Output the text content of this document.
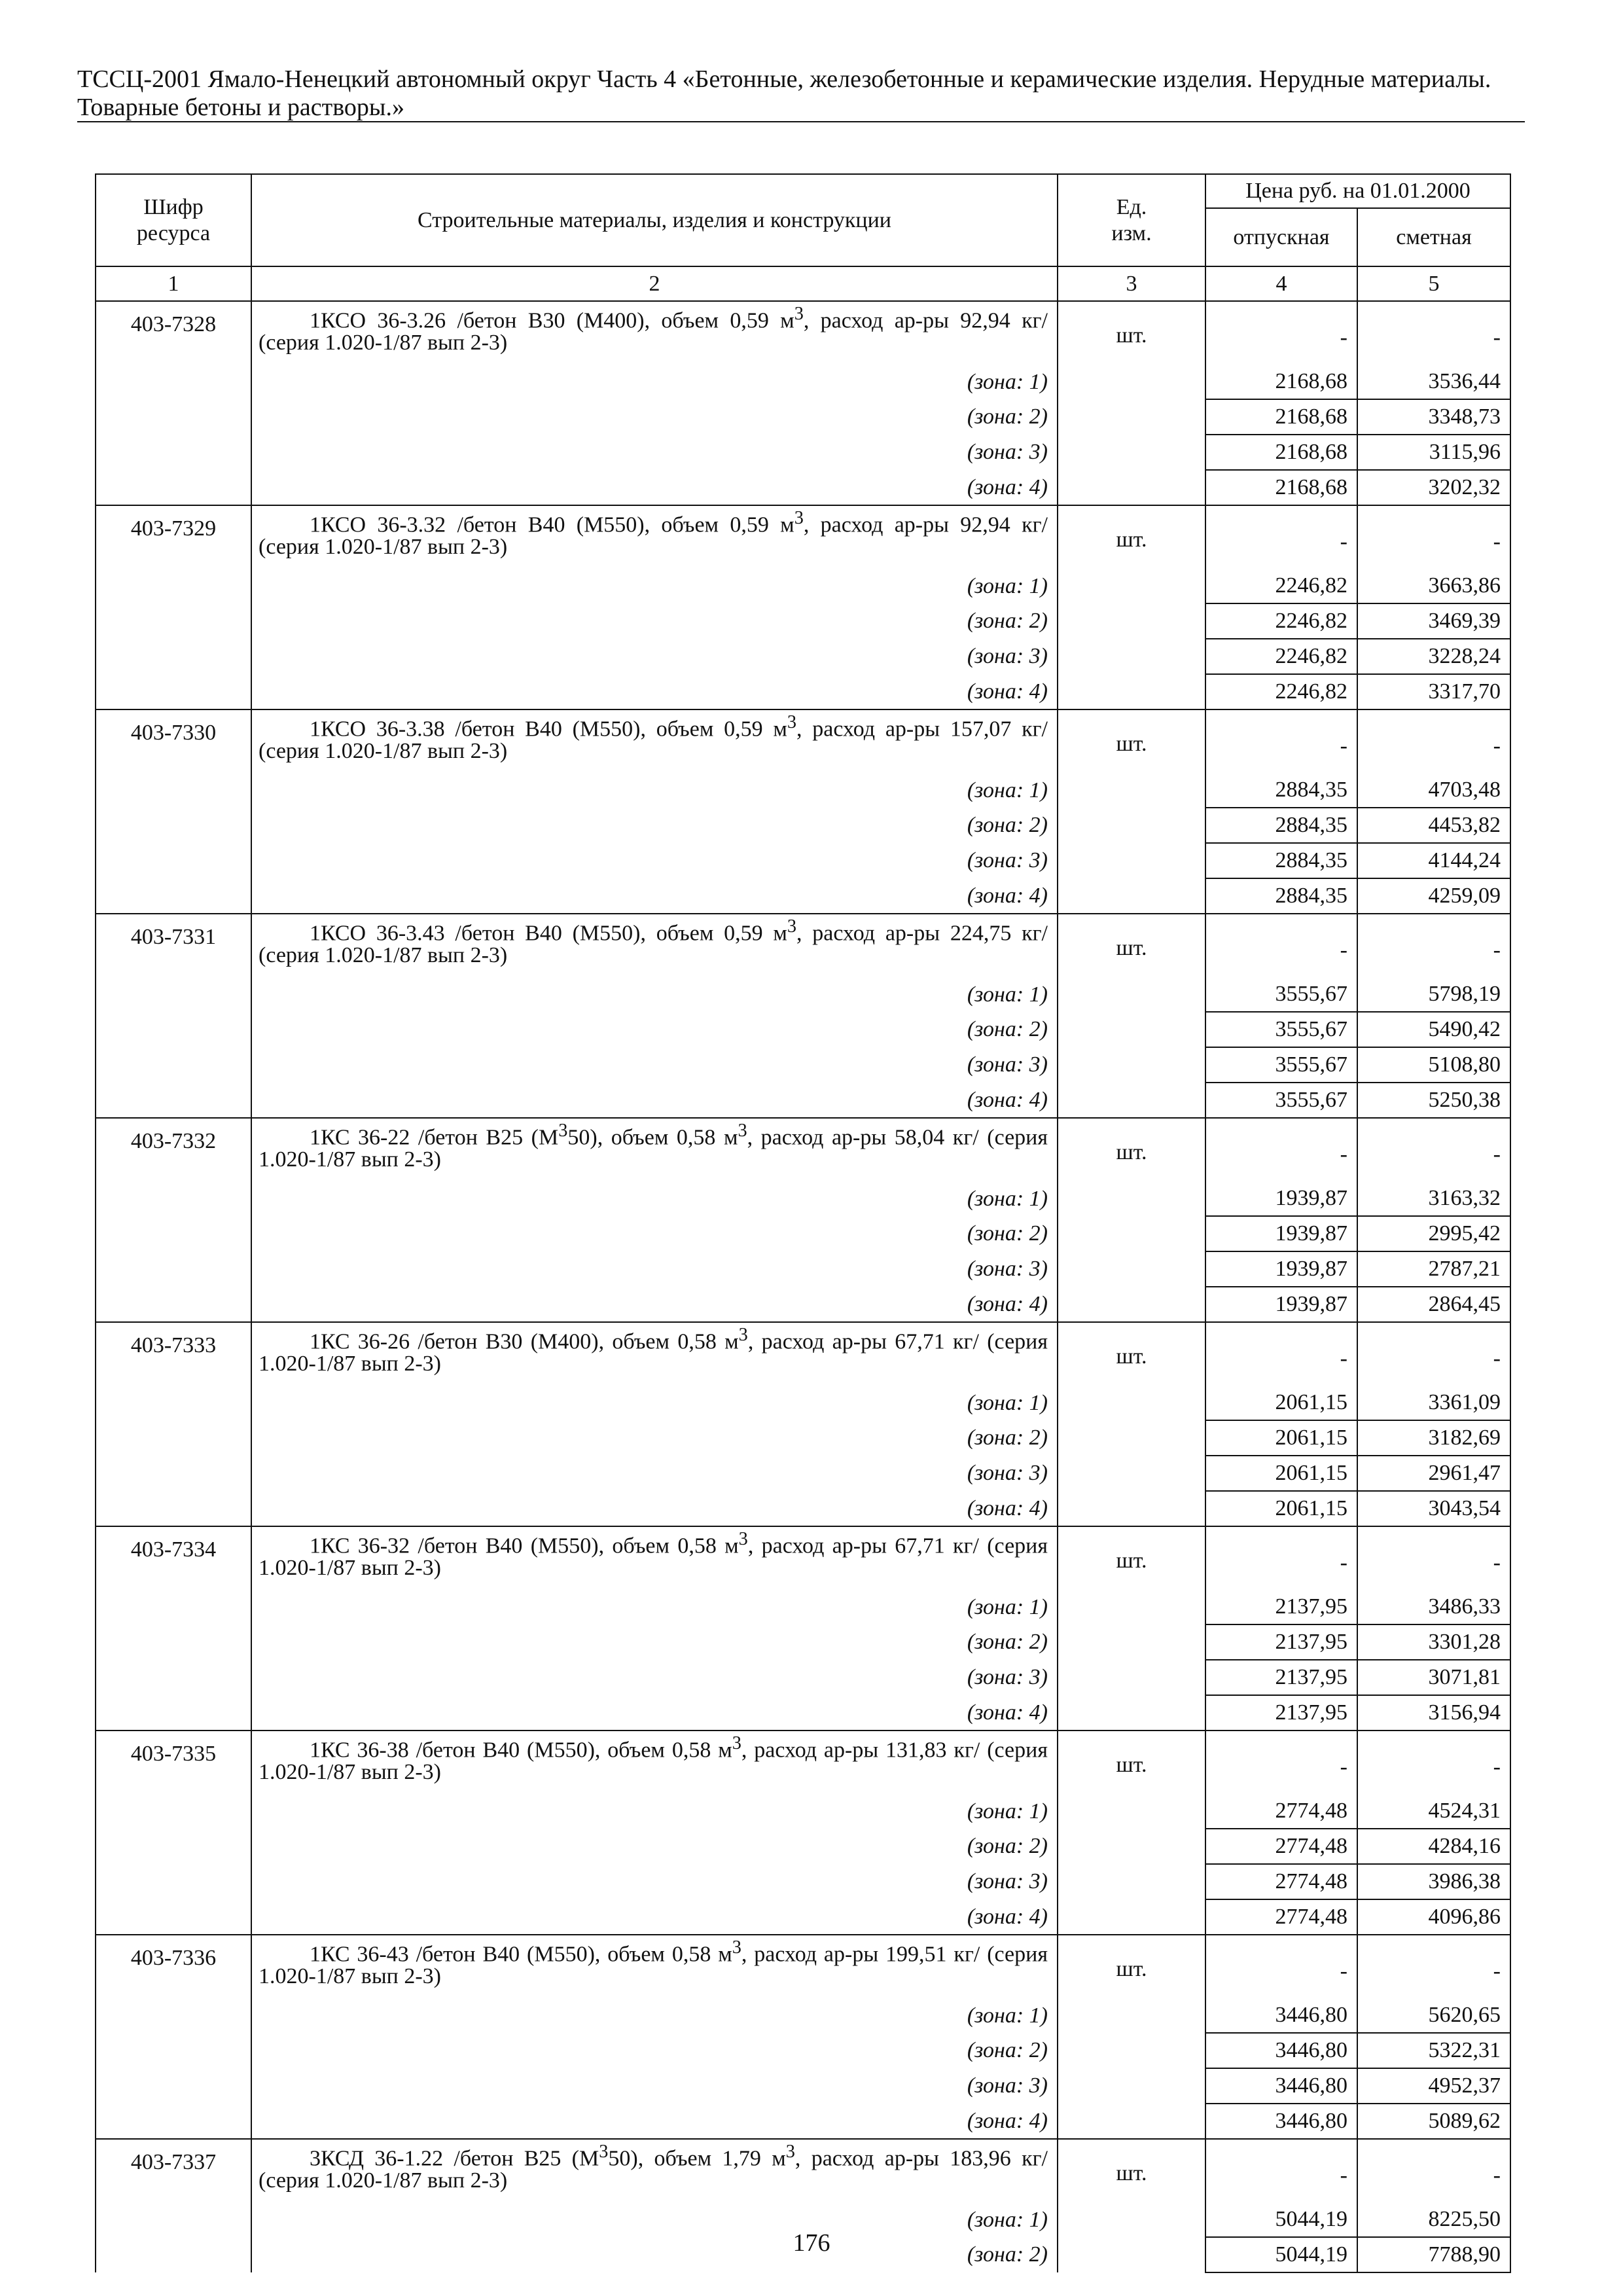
ТССЦ-2001 Ямало-Ненецкий автономный округ Часть 4 «Бетонные, железобетонные и керамические изделия. Нерудные материалы.
Товарные бетоны и растворы.»
Шифр ресурса	Строительные материалы, изделия и конструкции	Ед. изм.	Цена руб. на 01.01.2000	
			отпускная	сметная
1	2	3	4	5
403-7328	1КСО 36-3.26 /бетон В30 (М400), объем 0,59 $м^3$, расход ар-ры 92,94 кг/ (серия 1.020-1/87 вып 2-3)	шт.	-	-
	(зона: 1)		2168,68	3536,44
	(зона: 2)		2168,68	3348,73
	(зона: 3)		2168,68	3115,96
	(зона: 4)		2168,68	3202,32
403-7329	1КСО 36-3.32 /бетон В40 (М550), объем 0,59 $м^3$, расход ар-ры 92,94 кг/ (серия 1.020-1/87 вып 2-3)	шт.	-	-
	(зона: 1)		2246,82	3663,86
	(зона: 2)		2246,82	3469,39
	(зона: 3)		2246,82	3228,24
	(зона: 4)		2246,82	3317,70
403-7330	1КСО 36-3.38 /бетон В40 (М550), объем 0,59 $м^3$, расход ар-ры 157,07 кг/ (серия 1.020-1/87 вып 2-3)	шт.	-	-
	(зона: 1)		2884,35	4703,48
	(зона: 2)		2884,35	4453,82
	(зона: 3)		2884,35	4144,24
	(зона: 4)		2884,35	4259,09
403-7331	1КСО 36-3.43 /бетон В40 (М550), объем 0,59 $м^3$, расход ар-ры 224,75 кг/ (серия 1.020-1/87 вып 2-3)	шт.	-	-
	(зона: 1)		3555,67	5798,19
	(зона: 2)		3555,67	5490,42
	(зона: 3)		3555,67	5108,80
	(зона: 4)		3555,67	5250,38
403-7332	1КС 36-22 /бетон В25 $(М^350)$, объем 0,58 $м^3$, расход ар-ры 58,04 кг/ (серия 1.020-1/87 вып 2-3)	шт.	-	-
	(зона: 1)		1939,87	3163,32
	(зона: 2)		1939,87	2995,42
	(зона: 3)		1939,87	2787,21
	(зона: 4)		1939,87	2864,45
403-7333	1КС 36-26 /бетон В30 (М400), объем 0,58 $м^3$, расход ар-ры 67,71 кг/ (серия 1.020-1/87 вып 2-3)	шт.	-	-
	(зона: 1)		2061,15	3361,09
	(зона: 2)		2061,15	3182,69
	(зона: 3)		2061,15	2961,47
	(зона: 4)		2061,15	3043,54
403-7334	1КС 36-32 /бетон В40 (М550), объем 0,58 $м^3$, расход ар-ры 67,71 кг/ (серия 1.020-1/87 вып 2-3)	шт.	-	-
	(зона: 1)		2137,95	3486,33
	(зона: 2)		2137,95	3301,28
	(зона: 3)		2137,95	3071,81
	(зона: 4)		2137,95	3156,94
403-7335	1КС 36-38 /бетон В40 (М550), объем 0,58 $м^3$, расход ар-ры 131,83 кг/ (серия 1.020-1/87 вып 2-3)	шт.	-	-
	(зона: 1)		2774,48	4524,31
	(зона: 2)		2774,48	4284,16
	(зона: 3)		2774,48	3986,38
	(зона: 4)		2774,48	4096,86
403-7336	1КС 36-43 /бетон В40 (М550), объем 0,58 $м^3$, расход ар-ры 199,51 кг/ (серия 1.020-1/87 вып 2-3)	шт.	-	-
	(зона: 1)		3446,80	5620,65
	(зона: 2)		3446,80	5322,31
	(зона: 3)		3446,80	4952,37
	(зона: 4)		3446,80	5089,62
403-7337	3КСД 36-1.22 /бетон В25 $(М^350)$, объем 1,79 $м^3$, расход ар-ры 183,96 кг/ (серия 1.020-1/87 вып 2-3)	шт.	-	-
	(зона: 1)		5044,19	8225,50
	(зона: 2)		5044,19	7788,90
176
